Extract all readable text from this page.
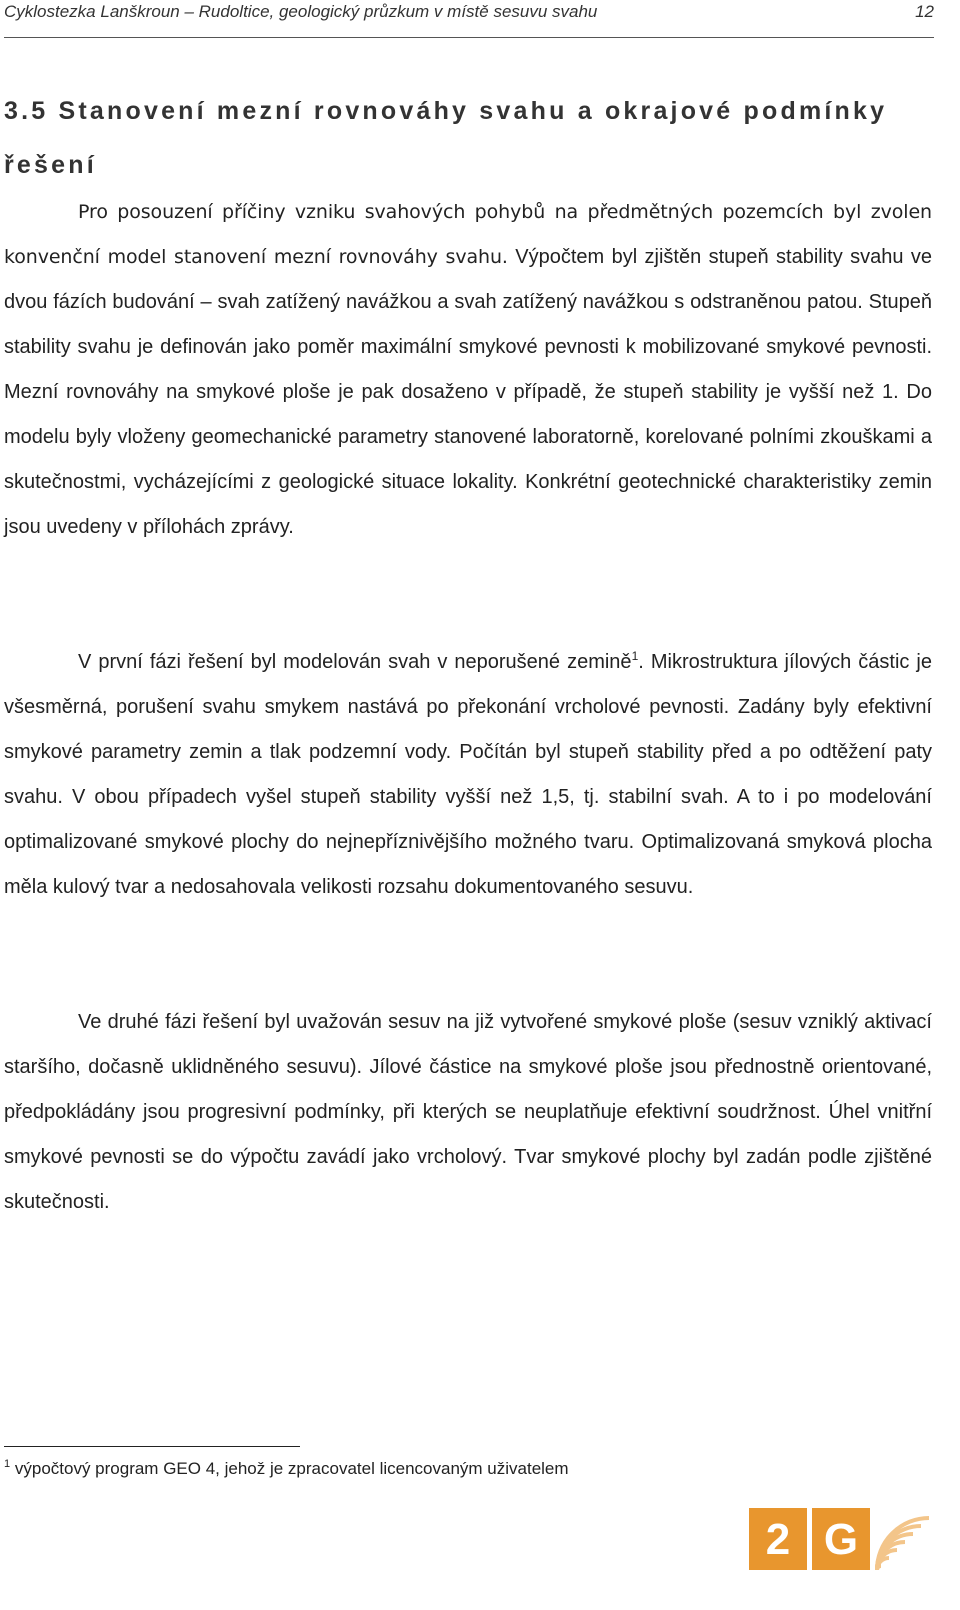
Cyklostezka Lanškroun – Rudoltice, geologický průzkum v místě sesuvu svahu	12
3.5 Stanovení mezní rovnováhy svahu a okrajové podmínky řešení

Pro posouzení příčiny vzniku svahových pohybů na předmětných pozemcích byl zvolen konvenční model stanovení mezní rovnováhy svahu. Výpočtem byl zjištěn stupeň stability svahu ve dvou fázích budování – svah zatížený navážkou a svah zatížený navážkou s odstraněnou patou. Stupeň stability svahu je definován jako poměr maximální smykové pevnosti k mobilizované smykové pevnosti. Mezní rovnováhy na smykové ploše je pak dosaženo v případě, že stupeň stability je vyšší než 1. Do modelu byly vloženy geomechanické parametry stanovené laboratorně, korelované polními zkouškami a skutečnostmi, vycházejícími z geologické situace lokality. Konkrétní geotechnické charakteristiky zemin jsou uvedeny v přílohách zprávy.

V první fázi řešení byl modelován svah v neporušené zemině$^1$. Mikrostruktura jílových částic je všesměrná, porušení svahu smykem nastává po překonání vrcholové pevnosti. Zadány byly efektivní smykové parametry zemin a tlak podzemní vody. Počítán byl stupeň stability před a po odtěžení paty svahu. V obou případech vyšel stupeň stability vyšší než 1,5, tj. stabilní svah. A to i po modelování optimalizované smykové plochy do nejnepříznivějšího možného tvaru. Optimalizovaná smyková plocha měla kulový tvar a nedosahovala velikosti rozsahu dokumentovaného sesuvu.

Ve druhé fázi řešení byl uvažován sesuv na již vytvořené smykové ploše (sesuv vzniklý aktivací staršího, dočasně uklidněného sesuvu). Jílové částice na smykové ploše jsou přednostně orientované, předpokládány jsou progresivní podmínky, při kterých se neuplatňuje efektivní soudržnost. Úhel vnitřní smykové pevnosti se do výpočtu zavádí jako vrcholový. Tvar smykové plochy byl zadán podle zjištěné skutečnosti.

$^1$ výpočtový program GEO 4, jehož je zpracovatel licencovaným uživatelem
2 G
